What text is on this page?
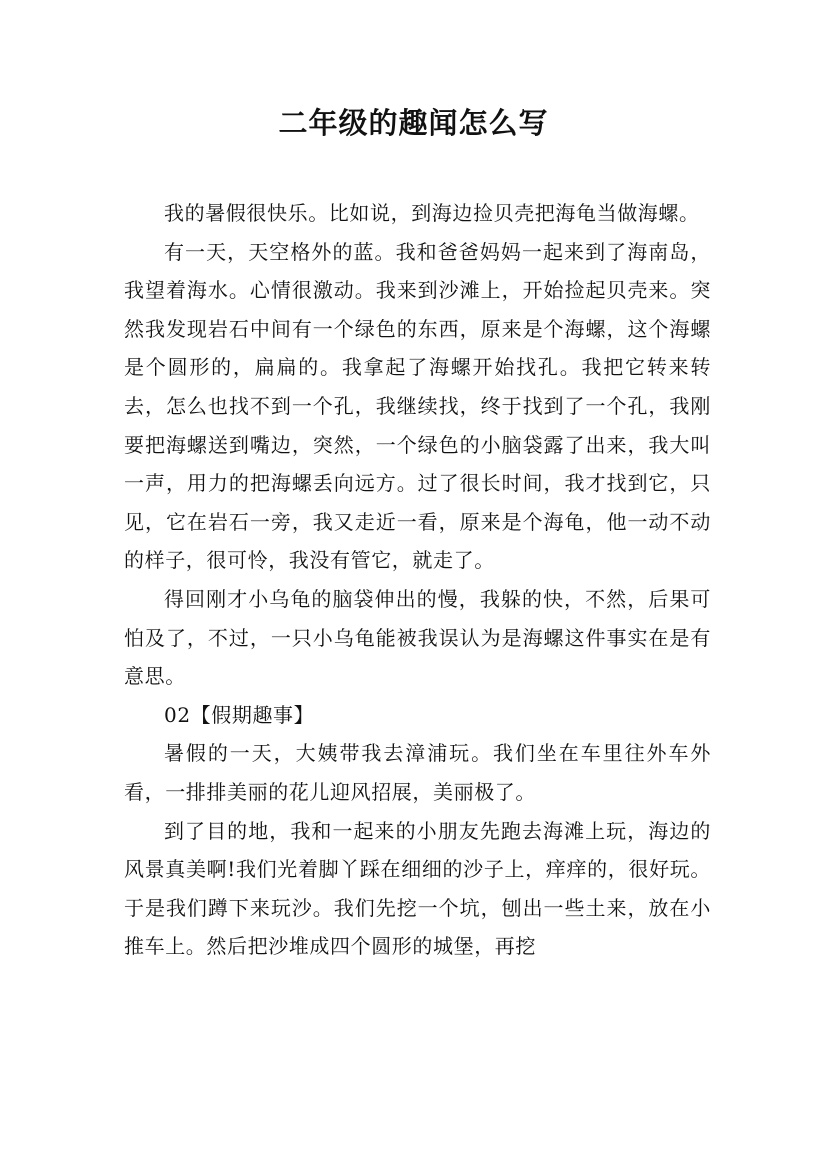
二年级的趣闻怎么写

我的暑假很快乐。比如说，到海边捡贝壳把海龟当做海螺。

有一天，天空格外的蓝。我和爸爸妈妈一起来到了海南岛，我望着海水。心情很激动。我来到沙滩上，开始捡起贝壳来。突然我发现岩石中间有一个绿色的东西，原来是个海螺，这个海螺是个圆形的，扁扁的。我拿起了海螺开始找孔。我把它转来转去，怎么也找不到一个孔，我继续找，终于找到了一个孔，我刚要把海螺送到嘴边，突然，一个绿色的小脑袋露了出来，我大叫一声，用力的把海螺丢向远方。过了很长时间，我才找到它，只见，它在岩石一旁，我又走近一看，原来是个海龟，他一动不动的样子，很可怜，我没有管它，就走了。

得回刚才小乌龟的脑袋伸出的慢，我躲的快，不然，后果可怕及了，不过，一只小乌龟能被我误认为是海螺这件事实在是有意思。

02【假期趣事】

暑假的一天，大姨带我去漳浦玩。我们坐在车里往外车外看，一排排美丽的花儿迎风招展，美丽极了。

到了目的地，我和一起来的小朋友先跑去海滩上玩，海边的风景真美啊!我们光着脚丫踩在细细的沙子上，痒痒的，很好玩。于是我们蹲下来玩沙。我们先挖一个坑，刨出一些土来，放在小推车上。然后把沙堆成四个圆形的城堡，再挖
